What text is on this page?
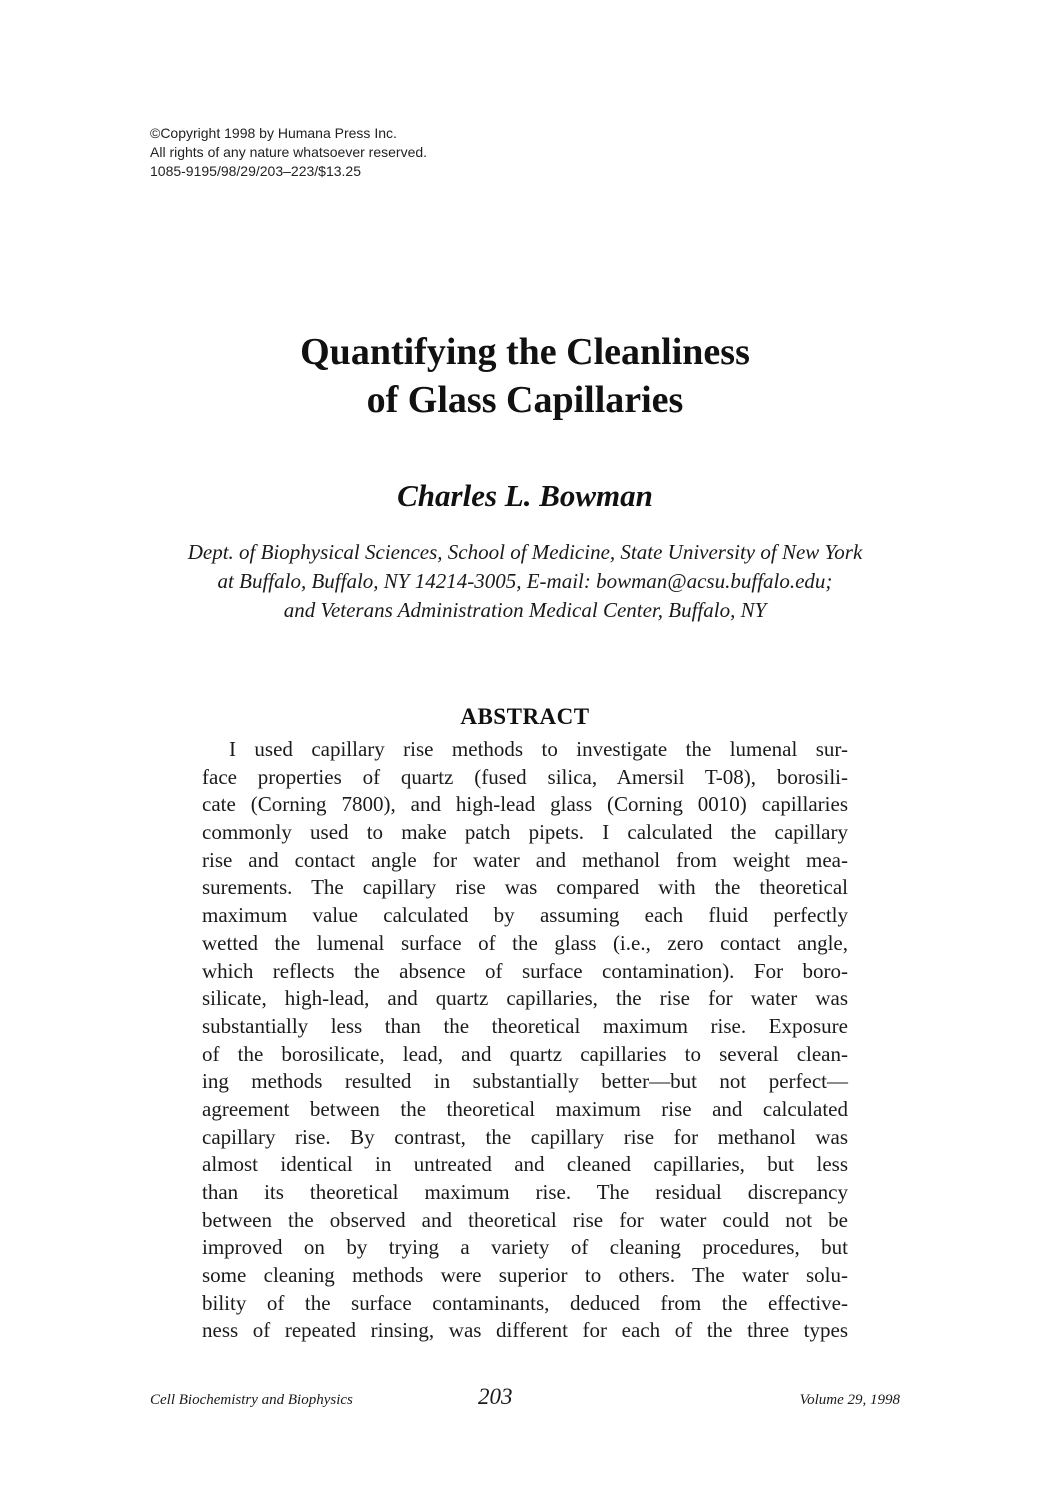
©Copyright 1998 by Humana Press Inc.
All rights of any nature whatsoever reserved.
1085-9195/98/29/203–223/$13.25
Quantifying the Cleanliness
of Glass Capillaries
Charles L. Bowman
Dept. of Biophysical Sciences, School of Medicine, State University of New York
at Buffalo, Buffalo, NY 14214-3005, E-mail: bowman@acsu.buffalo.edu;
and Veterans Administration Medical Center, Buffalo, NY
ABSTRACT
I used capillary rise methods to investigate the lumenal sur-
face properties of quartz (fused silica, Amersil T-08), borosili-
cate (Corning 7800), and high-lead glass (Corning 0010) capillaries
commonly used to make patch pipets. I calculated the capillary
rise and contact angle for water and methanol from weight mea-
surements. The capillary rise was compared with the theoretical
maximum value calculated by assuming each fluid perfectly
wetted the lumenal surface of the glass (i.e., zero contact angle,
which reflects the absence of surface contamination). For boro-
silicate, high-lead, and quartz capillaries, the rise for water was
substantially less than the theoretical maximum rise. Exposure
of the borosilicate, lead, and quartz capillaries to several clean-
ing methods resulted in substantially better—but not perfect—
agreement between the theoretical maximum rise and calculated
capillary rise. By contrast, the capillary rise for methanol was
almost identical in untreated and cleaned capillaries, but less
than its theoretical maximum rise. The residual discrepancy
between the observed and theoretical rise for water could not be
improved on by trying a variety of cleaning procedures, but
some cleaning methods were superior to others. The water solu-
bility of the surface contaminants, deduced from the effective-
ness of repeated rinsing, was different for each of the three types
Cell Biochemistry and Biophysics	203	Volume 29, 1998
